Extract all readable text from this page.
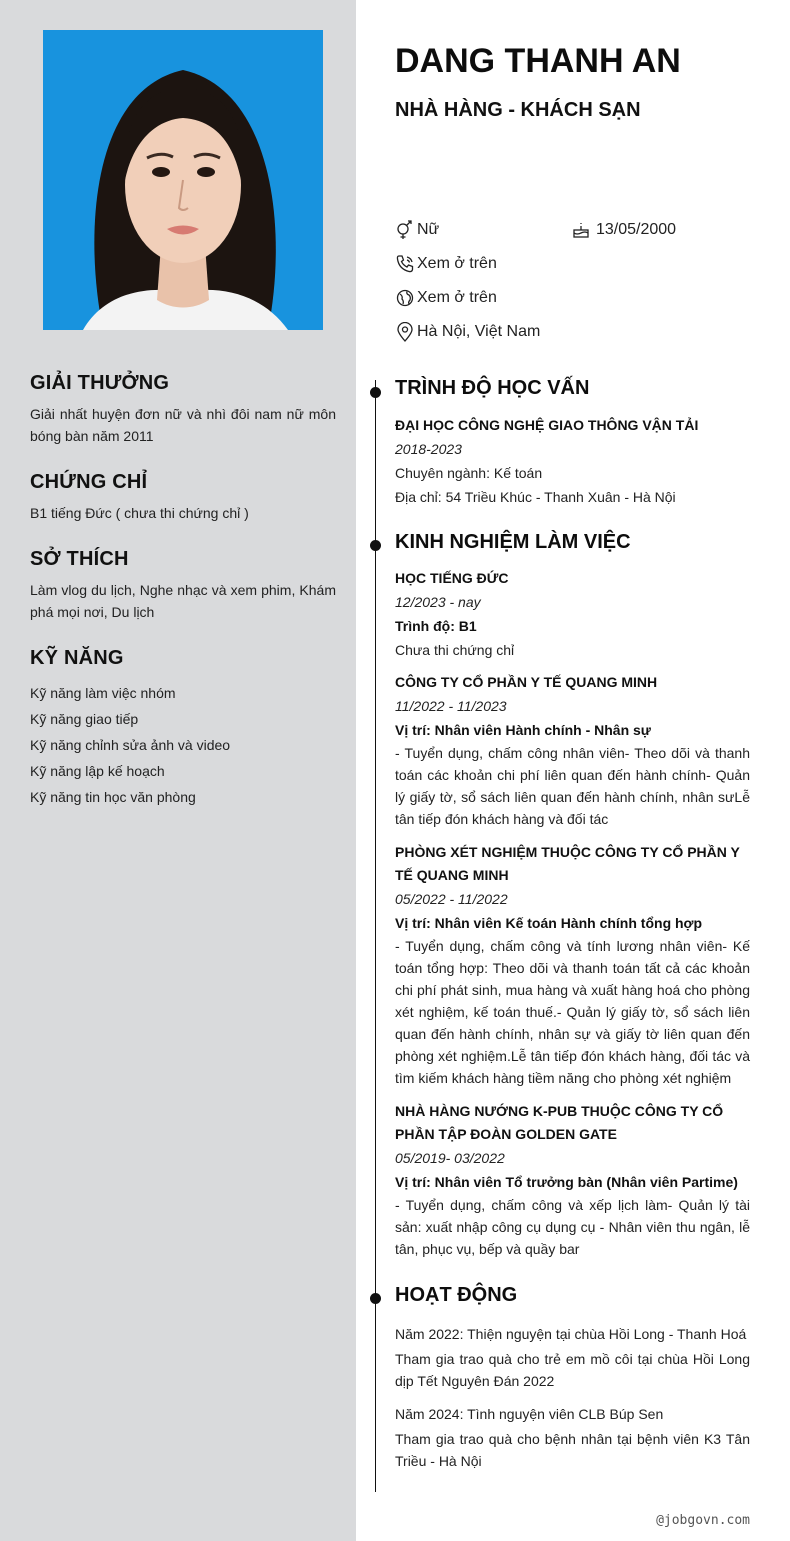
GIẢI THƯỞNG

Giải nhất huyện đơn nữ và nhì đôi nam nữ môn bóng bàn năm 2011

CHỨNG CHỈ

B1 tiếng Đức ( chưa thi chứng chỉ )

SỞ THÍCH

Làm vlog du lịch, Nghe nhạc và xem phim, Khám phá mọi nơi, Du lịch

KỸ NĂNG
Kỹ năng làm việc nhóm
Kỹ năng giao tiếp
Kỹ năng chỉnh sửa ảnh và video
Kỹ năng lập kế hoạch
Kỹ năng tin học văn phòng
DANG THANH AN
NHÀ HÀNG - KHÁCH SẠN
Nữ	13/05/2000
Xem ở trên
Xem ở trên
Hà Nội, Việt Nam
TRÌNH ĐỘ HỌC VẤN
ĐẠI HỌC CÔNG NGHỆ GIAO THÔNG VẬN TẢI
2018-2023
Chuyên ngành: Kế toán
Địa chỉ: 54 Triều Khúc - Thanh Xuân - Hà Nội
KINH NGHIỆM LÀM VIỆC
HỌC TIẾNG ĐỨC
12/2023 - nay
Trình độ: B1
Chưa thi chứng chỉ
CÔNG TY CỔ PHẦN Y TẾ QUANG MINH
11/2022 - 11/2023
Vị trí: Nhân viên Hành chính - Nhân sự
- Tuyển dụng, chấm công nhân viên- Theo dõi và thanh toán các khoản chi phí liên quan đến hành chính- Quản lý giấy tờ, sổ sách liên quan đến hành chính, nhân sưLễ tân tiếp đón khách hàng và đối tác
PHÒNG XÉT NGHIỆM THUỘC CÔNG TY CỔ PHẦN Y TẾ QUANG MINH
05/2022 - 11/2022
Vị trí: Nhân viên Kế toán Hành chính tổng hợp
- Tuyển dụng, chấm công và tính lương nhân viên- Kế toán tổng hợp: Theo dõi và thanh toán tất cả các khoản chi phí phát sinh, mua hàng và xuất hàng hoá cho phòng xét nghiệm, kế toán thuế.- Quản lý giấy tờ, sổ sách liên quan đến hành chính, nhân sự và giấy tờ liên quan đến phòng xét nghiệm.Lễ tân tiếp đón khách hàng, đối tác và tìm kiếm khách hàng tiềm năng cho phòng xét nghiệm
NHÀ HÀNG NƯỚNG K-PUB THUỘC CÔNG TY CỔ PHẦN TẬP ĐOÀN GOLDEN GATE
05/2019- 03/2022
Vị trí: Nhân viên Tổ trưởng bàn (Nhân viên Partime)
- Tuyển dụng, chấm công và xếp lịch làm- Quản lý tài sản: xuất nhập công cụ dụng cụ - Nhân viên thu ngân, lễ tân, phục vụ, bếp và quầy bar
HOẠT ĐỘNG
Năm 2022: Thiện nguyện tại chùa Hồi Long - Thanh Hoá
Tham gia trao quà cho trẻ em mồ côi tại chùa Hồi Long dịp Tết Nguyên Đán 2022
Năm 2024: Tình nguyện viên CLB Búp Sen
Tham gia trao quà cho bệnh nhân tại bệnh viên K3 Tân Triều - Hà Nội
@jobgovn.com
